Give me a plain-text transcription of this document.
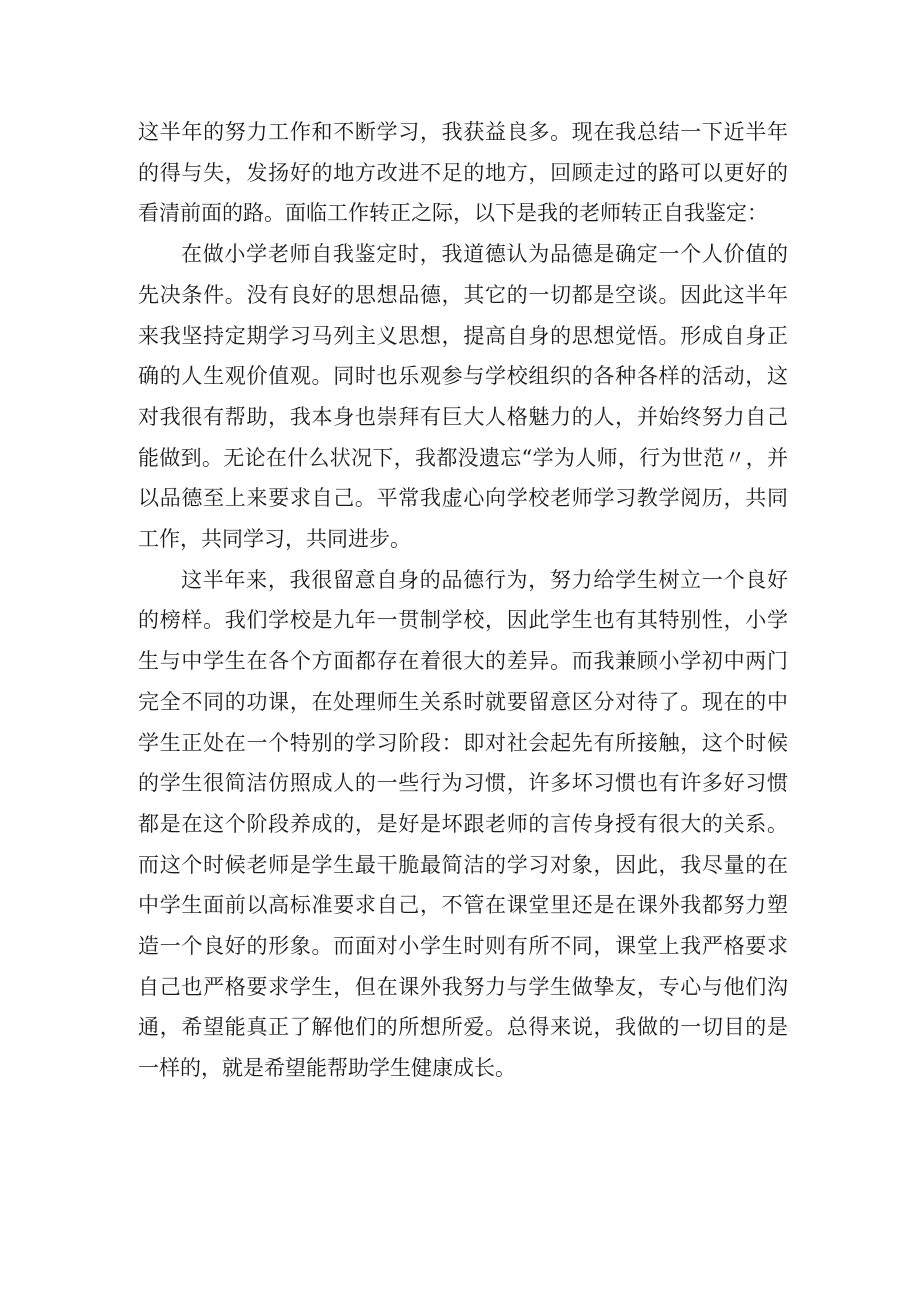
这半年的努力工作和不断学习，我获益良多。现在我总结一下近半年的得与失，发扬好的地方改进不足的地方，回顾走过的路可以更好的看清前面的路。面临工作转正之际，以下是我的老师转正自我鉴定：

在做小学老师自我鉴定时，我道德认为品德是确定一个人价值的先决条件。没有良好的思想品德，其它的一切都是空谈。因此这半年来我坚持定期学习马列主义思想，提高自身的思想觉悟。形成自身正确的人生观价值观。同时也乐观参与学校组织的各种各样的活动，这对我很有帮助，我本身也崇拜有巨大人格魅力的人，并始终努力自己能做到。无论在什么状况下，我都没遗忘“学为人师，行为世范〃，并以品德至上来要求自己。平常我虚心向学校老师学习教学阅历，共同工作，共同学习，共同进步。

这半年来，我很留意自身的品德行为，努力给学生树立一个良好的榜样。我们学校是九年一贯制学校，因此学生也有其特别性，小学生与中学生在各个方面都存在着很大的差异。而我兼顾小学初中两门完全不同的功课，在处理师生关系时就要留意区分对待了。现在的中学生正处在一个特别的学习阶段：即对社会起先有所接触，这个时候的学生很简洁仿照成人的一些行为习惯，许多坏习惯也有许多好习惯都是在这个阶段养成的，是好是坏跟老师的言传身授有很大的关系。而这个时候老师是学生最干脆最简洁的学习对象，因此，我尽量的在中学生面前以高标准要求自己，不管在课堂里还是在课外我都努力塑造一个良好的形象。而面对小学生时则有所不同，课堂上我严格要求自己也严格要求学生，但在课外我努力与学生做挚友，专心与他们沟通，希望能真正了解他们的所想所爱。总得来说，我做的一切目的是一样的，就是希望能帮助学生健康成长。
